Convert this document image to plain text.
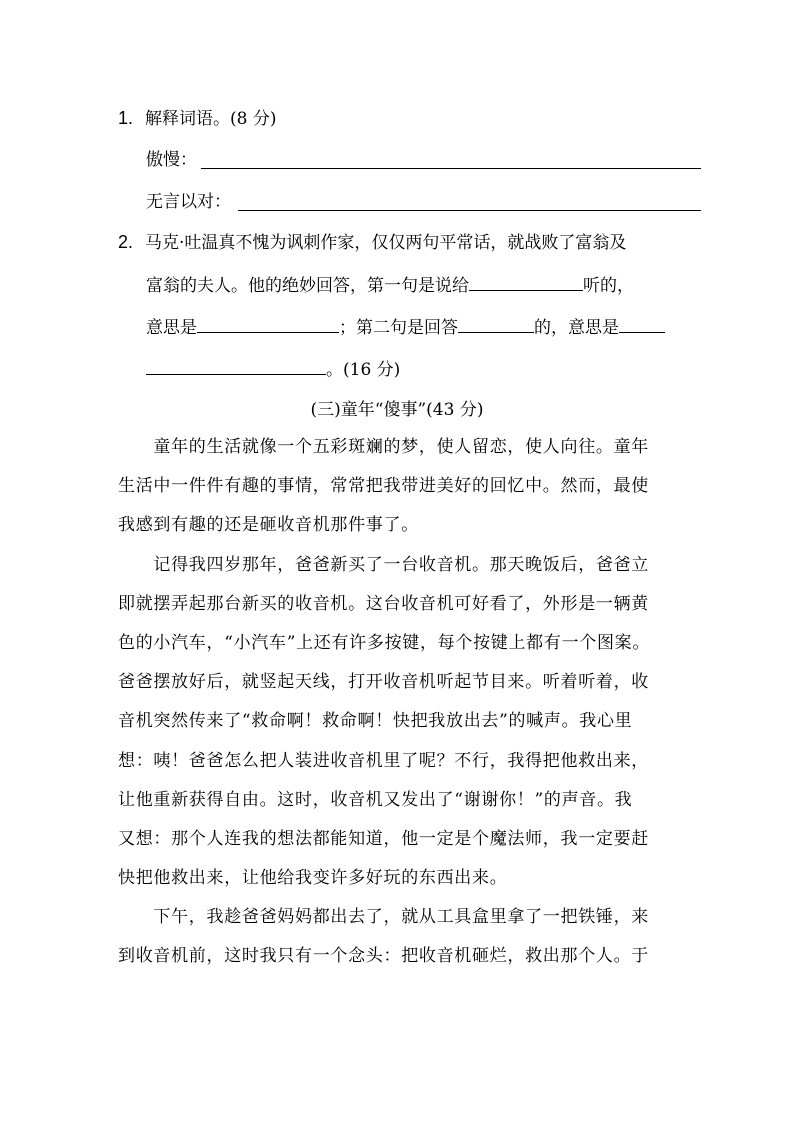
1. 解释词语。(8 分)
傲慢：
无言以对：
2. 马克·吐温真不愧为讽刺作家，仅仅两句平常话，就战败了富翁及
富翁的夫人。他的绝妙回答，第一句是说给	听的，
意思是	；第二句是回答	的，意思是
。(16 分)
(三)童年“傻事”(43 分)
　　童年的生活就像一个五彩斑斓的梦，使人留恋，使人向往。童年
生活中一件件有趣的事情，常常把我带进美好的回忆中。然而，最使
我感到有趣的还是砸收音机那件事了。
　　记得我四岁那年，爸爸新买了一台收音机。那天晚饭后，爸爸立
即就摆弄起那台新买的收音机。这台收音机可好看了，外形是一辆黄
色的小汽车，“小汽车”上还有许多按键，每个按键上都有一个图案。
爸爸摆放好后，就竖起天线，打开收音机听起节目来。听着听着，收
音机突然传来了“救命啊！救命啊！快把我放出去”的喊声。我心里
想：咦！爸爸怎么把人装进收音机里了呢？不行，我得把他救出来，
让他重新获得自由。这时，收音机又发出了“谢谢你！”的声音。我
又想：那个人连我的想法都能知道，他一定是个魔法师，我一定要赶
快把他救出来，让他给我变许多好玩的东西出来。
　　下午，我趁爸爸妈妈都出去了，就从工具盒里拿了一把铁锤，来
到收音机前，这时我只有一个念头：把收音机砸烂，救出那个人。于
